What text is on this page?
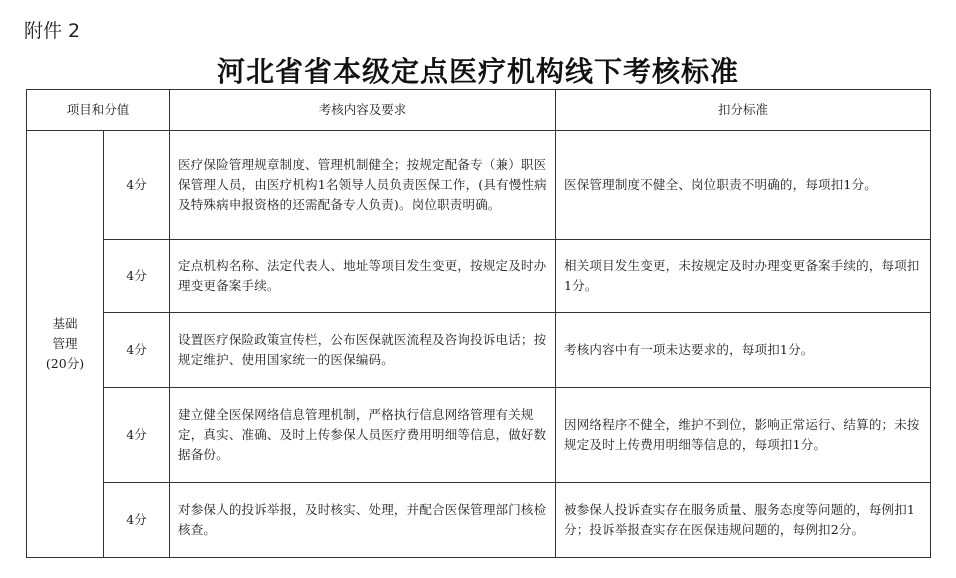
附件 2
河北省省本级定点医疗机构线下考核标准
项目和分值		考核内容及要求	扣分标准

基础
管理
(20分)	4分	医疗保险管理规章制度、管理机制健全；按规定配备专（兼）职医保管理人员，由医疗机构1名领导人员负责医保工作，(具有慢性病及特殊病申报资格的还需配备专人负责)。岗位职责明确。	医保管理制度不健全、岗位职责不明确的，每项扣1分。
	4分	定点机构名称、法定代表人、地址等项目发生变更，按规定及时办理变更备案手续。	相关项目发生变更，未按规定及时办理变更备案手续的，每项扣1分。
	4分	设置医疗保险政策宣传栏，公布医保就医流程及咨询投诉电话；按规定维护、使用国家统一的医保编码。	考核内容中有一项未达要求的，每项扣1分。
	4分	建立健全医保网络信息管理机制，严格执行信息网络管理有关规定，真实、准确、及时上传参保人员医疗费用明细等信息，做好数据备份。	因网络程序不健全，维护不到位，影响正常运行、结算的；未按规定及时上传费用明细等信息的，每项扣1分。
	4分	对参保人的投诉举报，及时核实、处理，并配合医保管理部门核检核查。	被参保人投诉查实存在服务质量、服务态度等问题的，每例扣1分；投诉举报查实存在医保违规问题的，每例扣2分。
